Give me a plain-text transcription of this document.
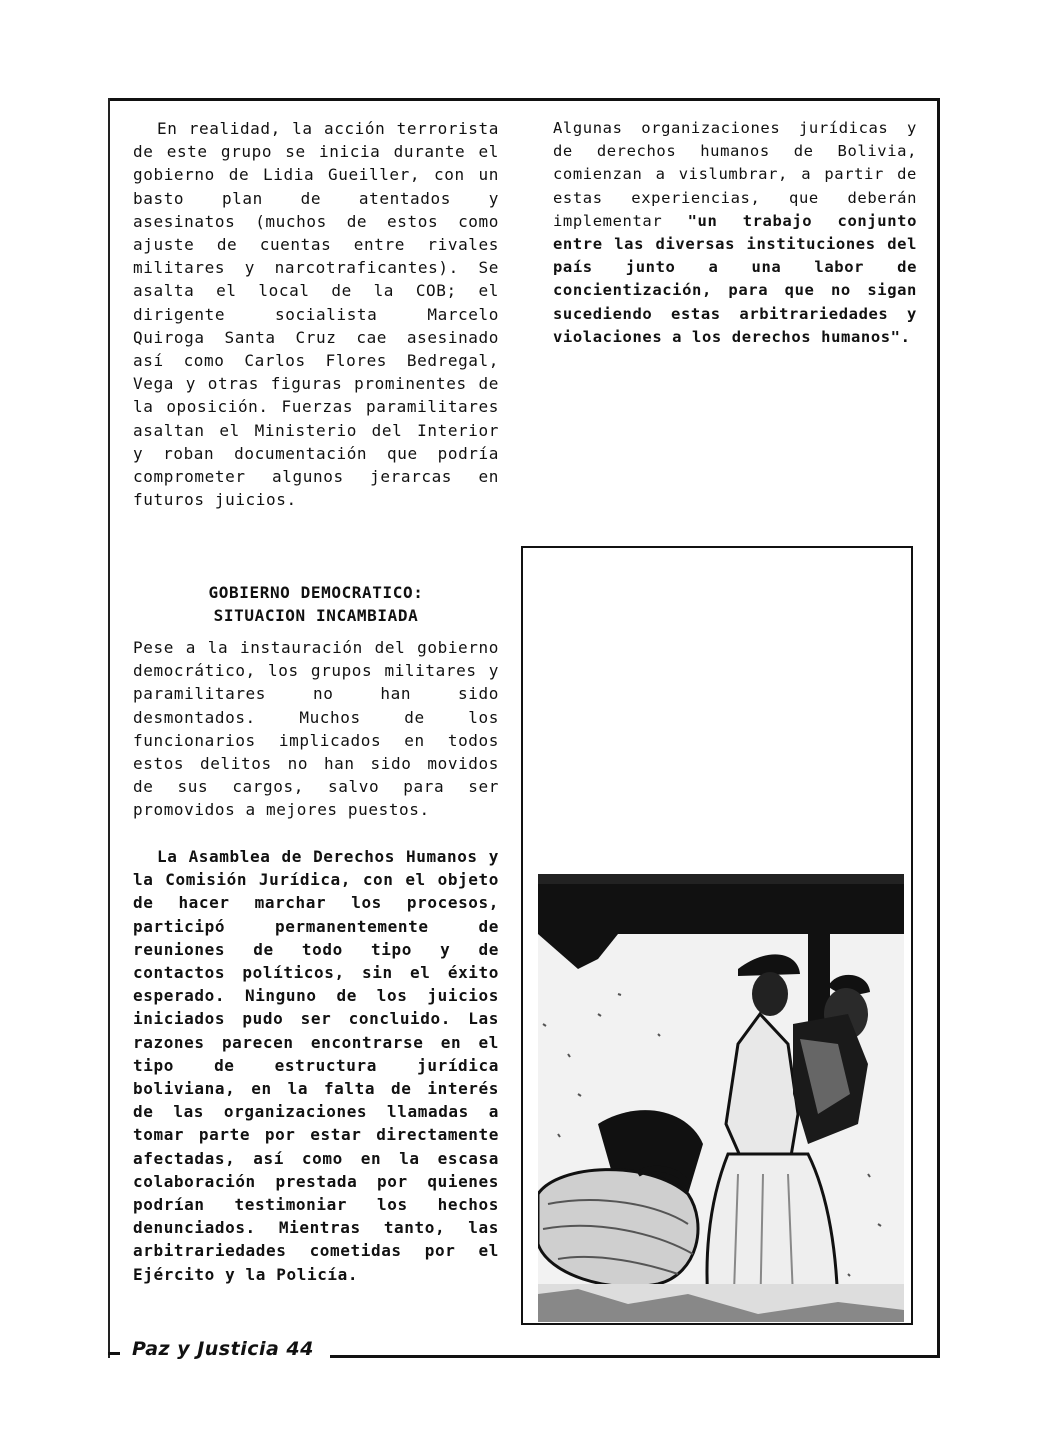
En realidad, la acción terrorista de este grupo se inicia durante el gobierno de Lidia Gueiller, con un basto plan de atentados y asesinatos (muchos de estos como ajuste de cuentas entre rivales militares y narcotraficantes). Se asalta el local de la COB; el dirigente socialista Marcelo Quiroga Santa Cruz cae asesinado así como Carlos Flores Bedregal, Vega y otras figuras prominentes de la oposición. Fuerzas paramilitares asaltan el Ministerio del Interior y roban documentación que podría comprometer algunos jerarcas en futuros juicios.

GOBIERNO DEMOCRATICO:
SITUACION INCAMBIADA

Pese a la instauración del gobierno democrático, los grupos militares y paramilitares no han sido desmontados. Muchos de los funcionarios implicados en todos estos delitos no han sido movidos de sus cargos, salvo para ser promovidos a mejores puestos.

La Asamblea de Derechos Humanos y la Comisión Jurídica, con el objeto de hacer marchar los procesos, participó permanentemente de reuniones de todo tipo y de contactos políticos, sin el éxito esperado. Ninguno de los juicios iniciados pudo ser concluido. Las razones parecen encontrarse en el tipo de estructura jurídica boliviana, en la falta de interés de las organizaciones llamadas a tomar parte por estar directamente afectadas, así como en la escasa colaboración prestada por quienes podrían testimoniar los hechos denunciados. Mientras tanto, las arbitrariedades cometidas por el Ejército y la Policía.

Algunas organizaciones jurídicas y de derechos humanos de Bolivia, comienzan a vislumbrar, a partir de estas experiencias, que deberán implementar "un trabajo conjunto entre las diversas instituciones del país junto a una labor de concientización, para que no sigan sucediendo estas arbitrariedades y violaciones a los derechos humanos".

Paz y Justicia 44
